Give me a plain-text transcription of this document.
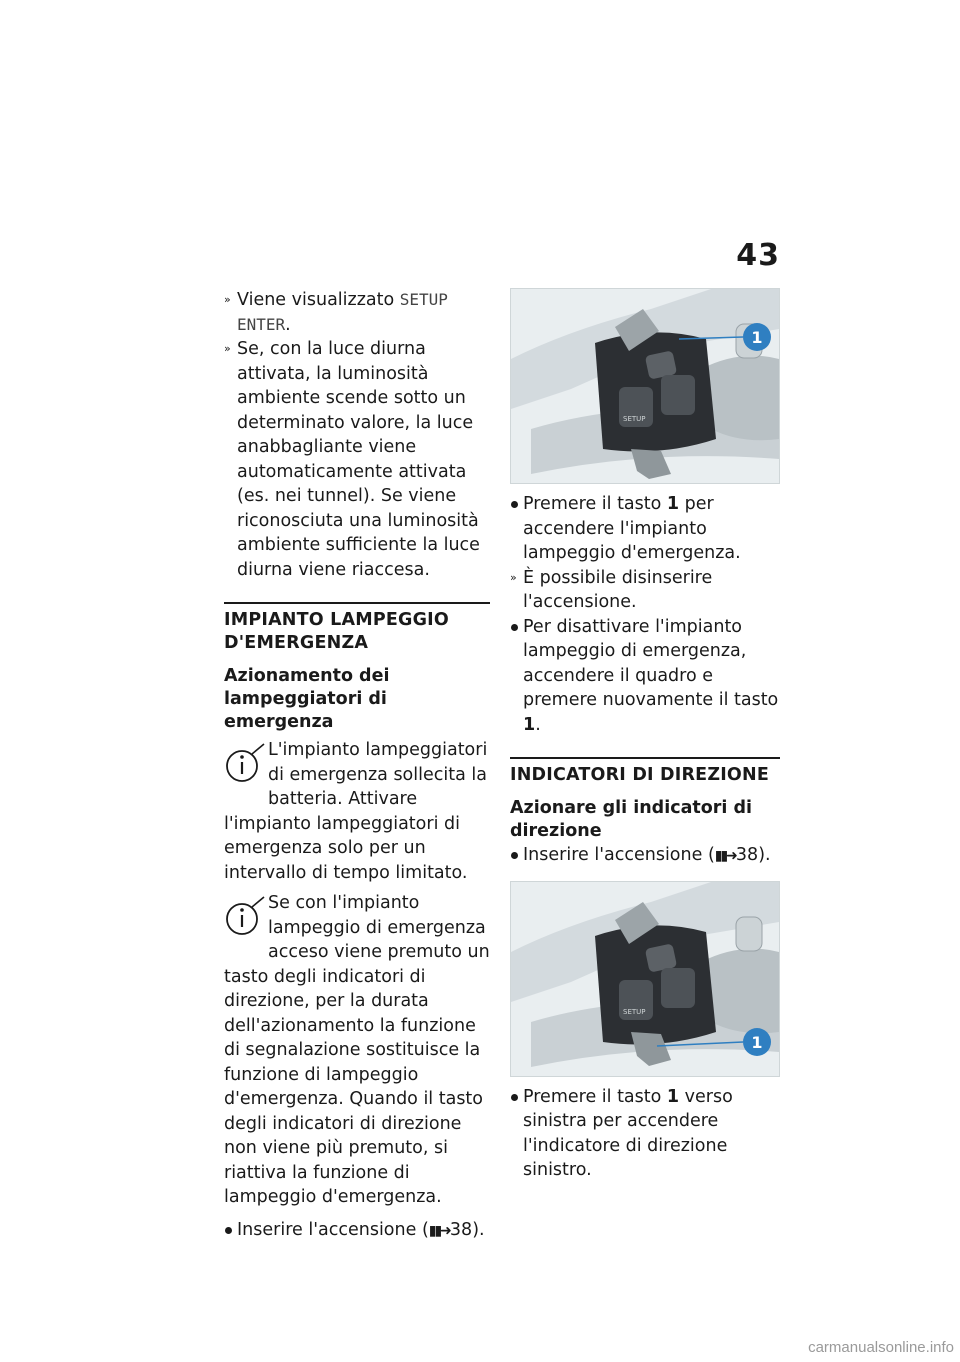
43
» Viene visualizzato SETUP ENTER.
» Se, con la luce diurna attivata, la luminosità ambiente scende sotto un determinato valore, la luce anabbagliante viene automaticamente attivata (es. nei tunnel). Se viene riconosciuta una luminosità ambiente sufficiente la luce diurna viene riaccesa.
IMPIANTO LAMPEGGIO D'EMERGENZA
Azionamento dei lampeggiatori di emergenza

L'impianto lampeggiatori di emergenza sollecita la batteria. Attivare l'impianto lampeggiatori di emergenza solo per un intervallo di tempo limitato.

Se con l'impianto lampeggio di emergenza acceso viene premuto un tasto degli indicatori di direzione, per la durata dell'azionamento la funzione di segnalazione sostituisce la funzione di lampeggio d'emergenza. Quando il tasto degli indicatori di direzione non viene più premuto, si riattiva la funzione di lampeggio d'emergenza.

Inserire l'accensione (▮▮➜38).
SETUP
1
Premere il tasto 1 per accendere l'impianto lampeggio d'emergenza.
» È possibile disinserire l'accensione.
Per disattivare l'impianto lampeggio di emergenza, accendere il quadro e premere nuovamente il tasto 1.
INDICATORI DI DIREZIONE
Azionare gli indicatori di direzione
Inserire l'accensione (▮▮➜38).
SETUP
1
Premere il tasto 1 verso sinistra per accendere l'indicatore di direzione sinistro.
carmanualsonline.info
